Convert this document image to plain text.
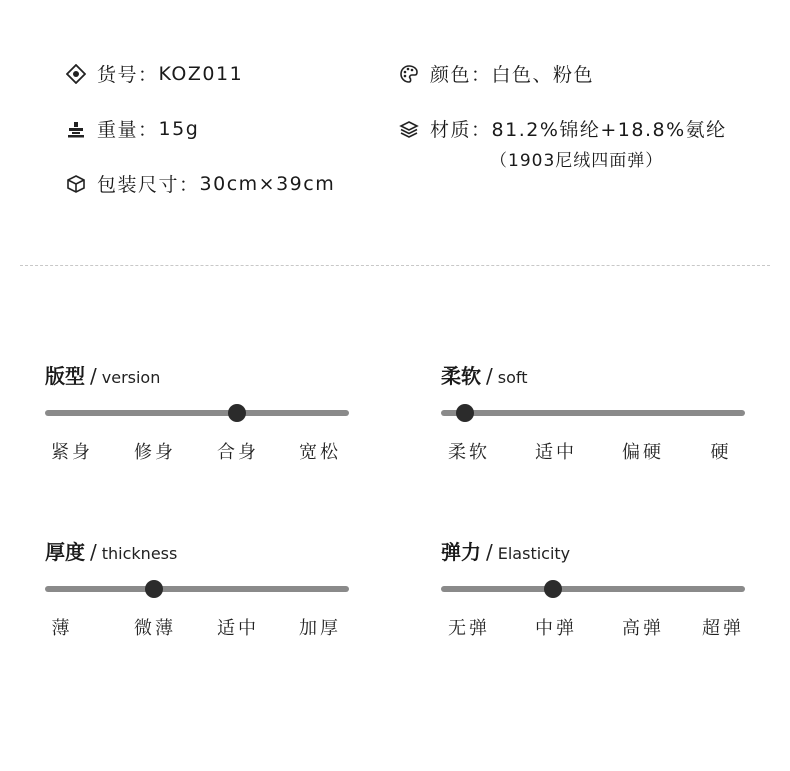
货号： KOZ011	颜色： 白色、粉色
重量： 15g	材质： 81.2%锦纶+18.8%氨纶
（1903尼绒四面弹）
包装尺寸： 30cm×39cm
版型 / version
紧身 修身 合身 宽松
柔软 / soft
柔软	适中	偏硬	硬
厚度 / thickness
薄	微薄 适中 加厚
弹力 / Elasticity
无弹	中弹	高弹 超弹
